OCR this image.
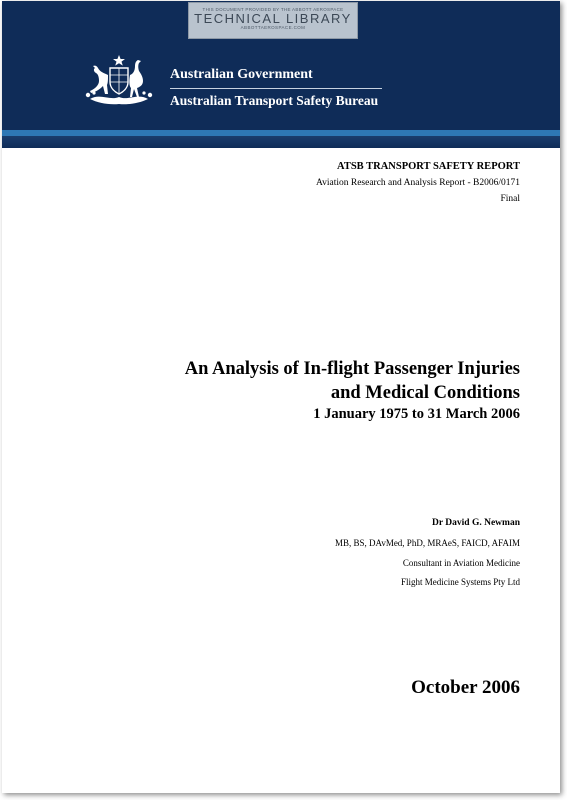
THIS DOCUMENT PROVIDED BY THE ABBOTT AEROSPACE
TECHNICAL LIBRARY
ABBOTTAEROSPACE.COM
Australian Government
Australian Transport Safety Bureau
ATSB TRANSPORT SAFETY REPORT
Aviation Research and Analysis Report - B2006/0171
Final
An Analysis of In-flight Passenger Injuries
and Medical Conditions
1 January 1975 to 31 March 2006
Dr David G. Newman
MB, BS, DAvMed, PhD, MRAeS, FAICD, AFAIM
Consultant in Aviation Medicine
Flight Medicine Systems Pty Ltd
October 2006
